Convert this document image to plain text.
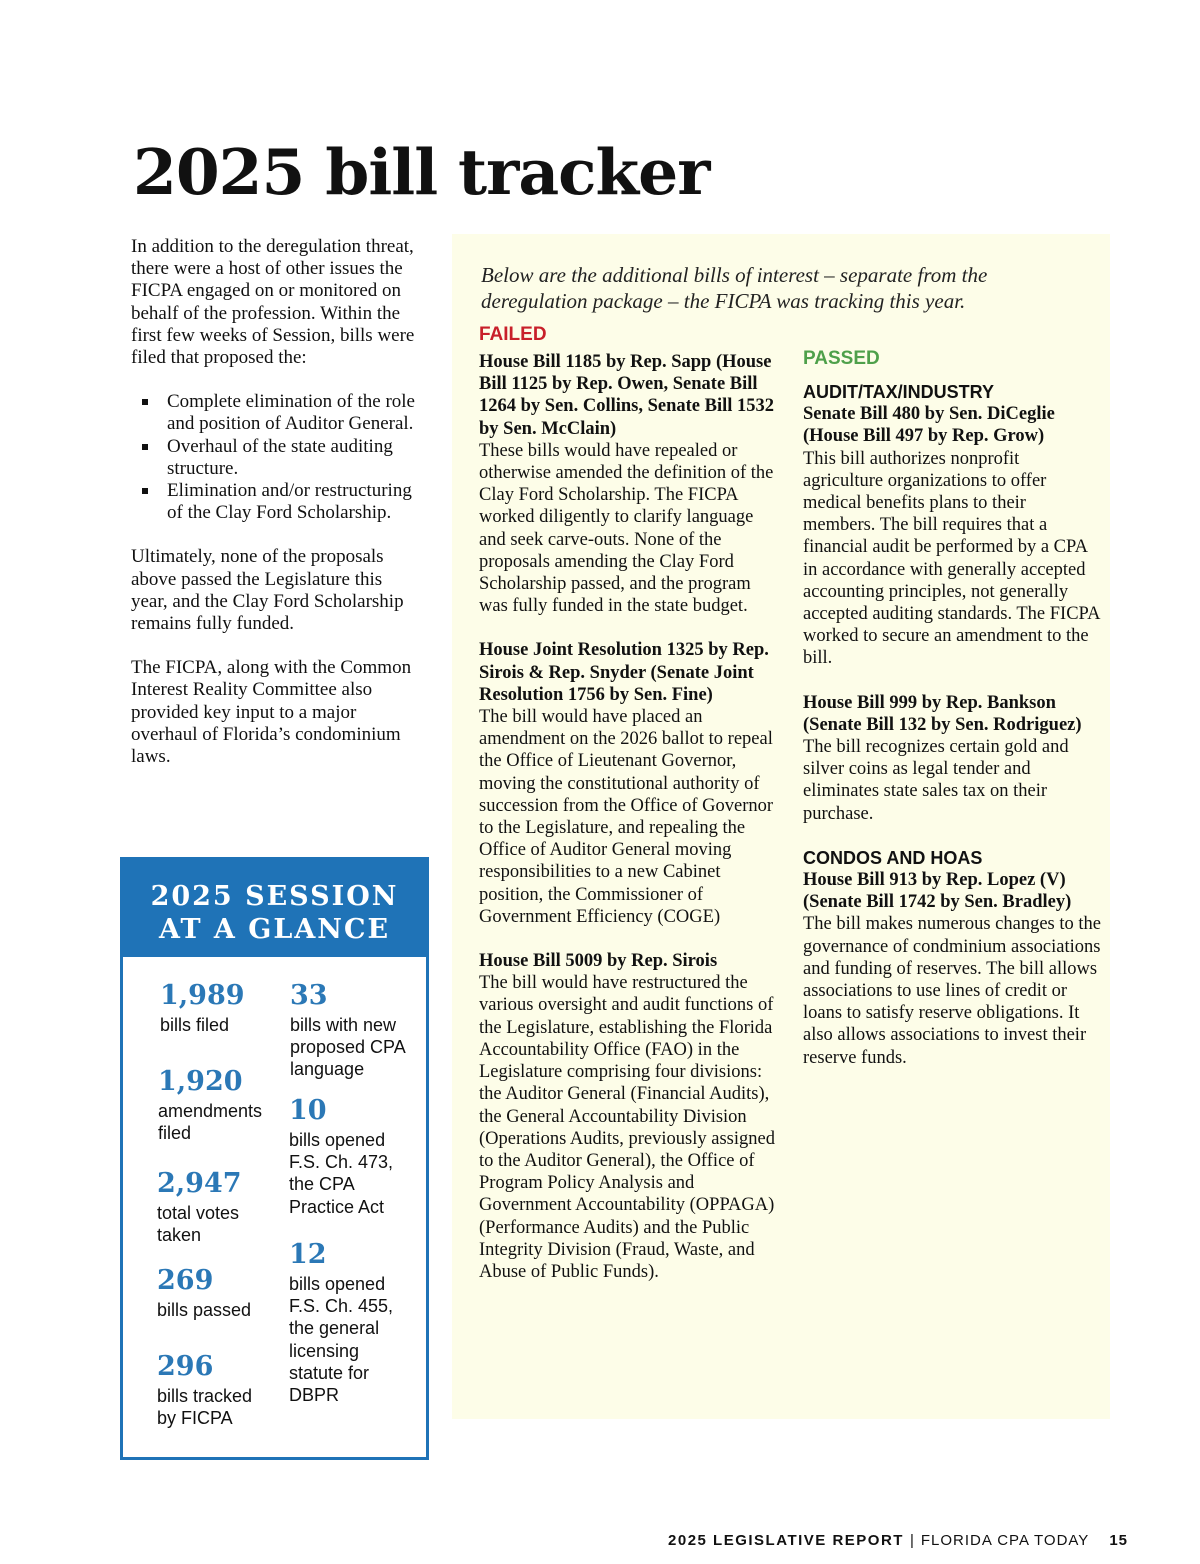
2025 bill tracker

In addition to the deregulation threat, there were a host of other issues the FICPA engaged on or monitored on behalf of the profession. Within the first few weeks of Session, bills were filed that proposed the:

Complete elimination of the role and position of Auditor General.
Overhaul of the state auditing structure.
Elimination and/or restructuring of the Clay Ford Scholarship.

Ultimately, none of the proposals above passed the Legislature this year, and the Clay Ford Scholarship remains fully funded.

The FICPA, along with the Common Interest Reality Committee also provided key input to a major overhaul of Florida’s condominium laws.

2025 SESSION
AT A GLANCE
1,989
bills filed
1,920
amendments filed
2,947
total votes taken
269
bills passed
296
bills tracked by FICPA
33
bills with new proposed CPA language
10
bills opened F.S. Ch. 473, the CPA Practice Act
12
bills opened F.S. Ch. 455, the general licensing statute for DBPR
Below are the additional bills of interest – separate from the deregulation package – the FICPA was tracking this year.
FAILED
House Bill 1185 by Rep. Sapp (House Bill 1125 by Rep. Owen, Senate Bill 1264 by Sen. Collins, Senate Bill 1532 by Sen. McClain)
These bills would have repealed or otherwise amended the definition of the Clay Ford Scholarship. The FICPA worked diligently to clarify language and seek carve-outs. None of the proposals amending the Clay Ford Scholarship passed, and the program was fully funded in the state budget.
House Joint Resolution 1325 by Rep. Sirois & Rep. Snyder (Senate Joint Resolution 1756 by Sen. Fine)
The bill would have placed an amendment on the 2026 ballot to repeal the Office of Lieutenant Governor, moving the constitutional authority of succession from the Office of Governor to the Legislature, and repealing the Office of Auditor General moving responsibilities to a new Cabinet position, the Commissioner of Government Efficiency (COGE)
House Bill 5009 by Rep. Sirois
The bill would have restructured the various oversight and audit functions of the Legislature, establishing the Florida Accountability Office (FAO) in the Legislature comprising four divisions: the Auditor General (Financial Audits), the General Accountability Division (Operations Audits, previously assigned to the Auditor General), the Office of Program Policy Analysis and Government Accountability (OPPAGA) (Performance Audits) and the Public Integrity Division (Fraud, Waste, and Abuse of Public Funds).
PASSED
AUDIT/TAX/INDUSTRY
Senate Bill 480 by Sen. DiCeglie (House Bill 497 by Rep. Grow)
This bill authorizes nonprofit agriculture organizations to offer medical benefits plans to their members. The bill requires that a financial audit be performed by a CPA in accordance with generally accepted accounting principles, not generally accepted auditing standards. The FICPA worked to secure an amendment to the bill.
House Bill 999 by Rep. Bankson (Senate Bill 132 by Sen. Rodriguez)
The bill recognizes certain gold and silver coins as legal tender and eliminates state sales tax on their purchase.
CONDOS AND HOAS
House Bill 913 by Rep. Lopez (V) (Senate Bill 1742 by Sen. Bradley)
The bill makes numerous changes to the governance of condminium associations and funding of reserves. The bill allows associations to use lines of credit or loans to satisfy reserve obligations. It also allows associations to invest their reserve funds.
2025 LEGISLATIVE REPORT | FLORIDA CPA TODAY 15
